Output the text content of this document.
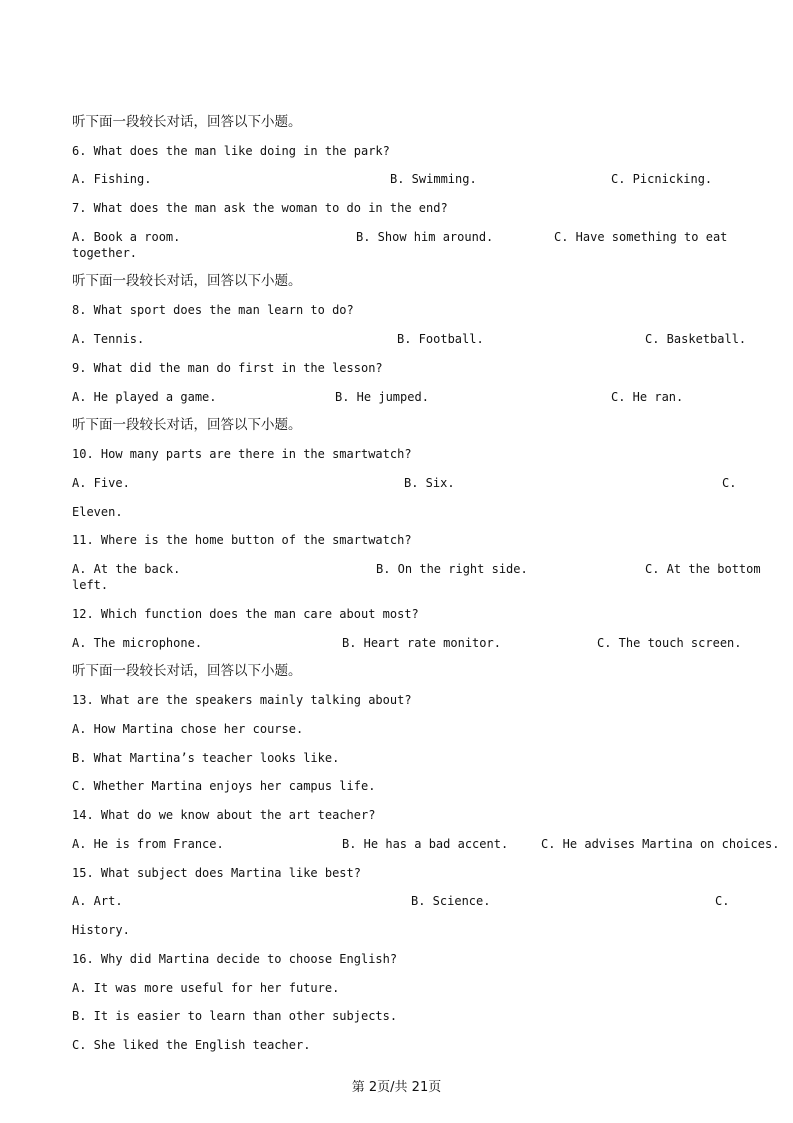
听下面一段较长对话，回答以下小题。
6. What does the man like doing in the park?
A. Fishing.	B. Swimming.	C. Picnicking.
7. What does the man ask the woman to do in the end?
A. Book a room.	B. Show him around.	C. Have something to eat
together.
听下面一段较长对话，回答以下小题。
8. What sport does the man learn to do?
A. Tennis.	B. Football.	C. Basketball.
9. What did the man do first in the lesson?
A. He played a game.	B. He jumped.	C. He ran.
听下面一段较长对话，回答以下小题。
10. How many parts are there in the smartwatch?
A. Five.	B. Six.	C.
Eleven.
11. Where is the home button of the smartwatch?
A. At the back.	B. On the right side.	C. At the bottom
left.
12. Which function does the man care about most?
A. The microphone.	B. Heart rate monitor.	C. The touch screen.
听下面一段较长对话，回答以下小题。
13. What are the speakers mainly talking about?
A. How Martina chose her course.
B. What Martina’s teacher looks like.
C. Whether Martina enjoys her campus life.
14. What do we know about the art teacher?
A. He is from France.	B. He has a bad accent.	C. He advises Martina on choices.
15. What subject does Martina like best?
A. Art.	B. Science.	C.
History.
16. Why did Martina decide to choose English?
A. It was more useful for her future.
B. It is easier to learn than other subjects.
C. She liked the English teacher.
第 2页/共 21页
